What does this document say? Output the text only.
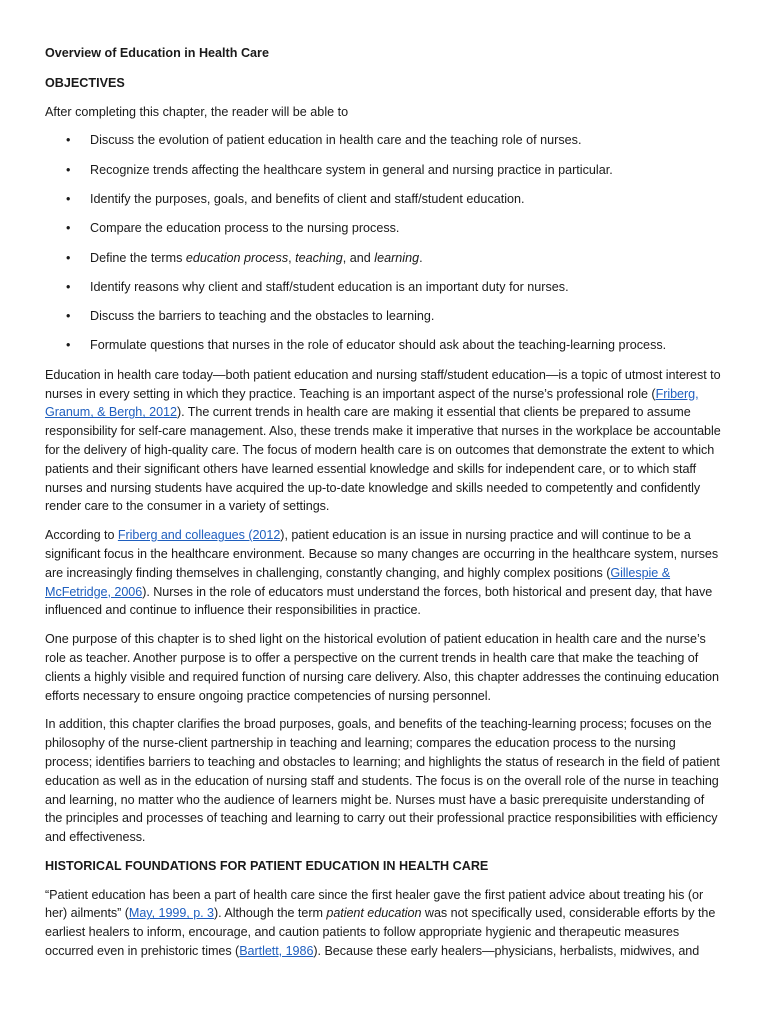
Overview of Education in Health Care
OBJECTIVES
After completing this chapter, the reader will be able to
• Discuss the evolution of patient education in health care and the teaching role of nurses.
• Recognize trends affecting the healthcare system in general and nursing practice in particular.
• Identify the purposes, goals, and benefits of client and staff/student education.
• Compare the education process to the nursing process.
• Define the terms education process, teaching, and learning.
• Identify reasons why client and staff/student education is an important duty for nurses.
• Discuss the barriers to teaching and the obstacles to learning.
• Formulate questions that nurses in the role of educator should ask about the teaching-learning process.

Education in health care today—both patient education and nursing staff/student education—is a topic of utmost interest to nurses in every setting in which they practice. Teaching is an important aspect of the nurse’s professional role (Friberg, Granum, & Bergh, 2012). The current trends in health care are making it essential that clients be prepared to assume responsibility for self-care management. Also, these trends make it imperative that nurses in the workplace be accountable for the delivery of high-quality care. The focus of modern health care is on outcomes that demonstrate the extent to which patients and their significant others have learned essential knowledge and skills for independent care, or to which staff nurses and nursing students have acquired the up-to-date knowledge and skills needed to competently and confidently render care to the consumer in a variety of settings.

According to Friberg and colleagues (2012), patient education is an issue in nursing practice and will continue to be a significant focus in the healthcare environment. Because so many changes are occurring in the healthcare system, nurses are increasingly finding themselves in challenging, constantly changing, and highly complex positions (Gillespie & McFetridge, 2006). Nurses in the role of educators must understand the forces, both historical and present day, that have influenced and continue to influence their responsibilities in practice.

One purpose of this chapter is to shed light on the historical evolution of patient education in health care and the nurse’s role as teacher. Another purpose is to offer a perspective on the current trends in health care that make the teaching of clients a highly visible and required function of nursing care delivery. Also, this chapter addresses the continuing education efforts necessary to ensure ongoing practice competencies of nursing personnel.

In addition, this chapter clarifies the broad purposes, goals, and benefits of the teaching-learning process; focuses on the philosophy of the nurse-client partnership in teaching and learning; compares the education process to the nursing process; identifies barriers to teaching and obstacles to learning; and highlights the status of research in the field of patient education as well as in the education of nursing staff and students. The focus is on the overall role of the nurse in teaching and learning, no matter who the audience of learners might be. Nurses must have a basic prerequisite understanding of the principles and processes of teaching and learning to carry out their professional practice responsibilities with efficiency and effectiveness.

HISTORICAL FOUNDATIONS FOR PATIENT EDUCATION IN HEALTH CARE

“Patient education has been a part of health care since the first healer gave the first patient advice about treating his (or her) ailments” (May, 1999, p. 3). Although the term patient education was not specifically used, considerable efforts by the earliest healers to inform, encourage, and caution patients to follow appropriate hygienic and therapeutic measures occurred even in prehistoric times (Bartlett, 1986). Because these early healers—physicians, herbalists, midwives, and
